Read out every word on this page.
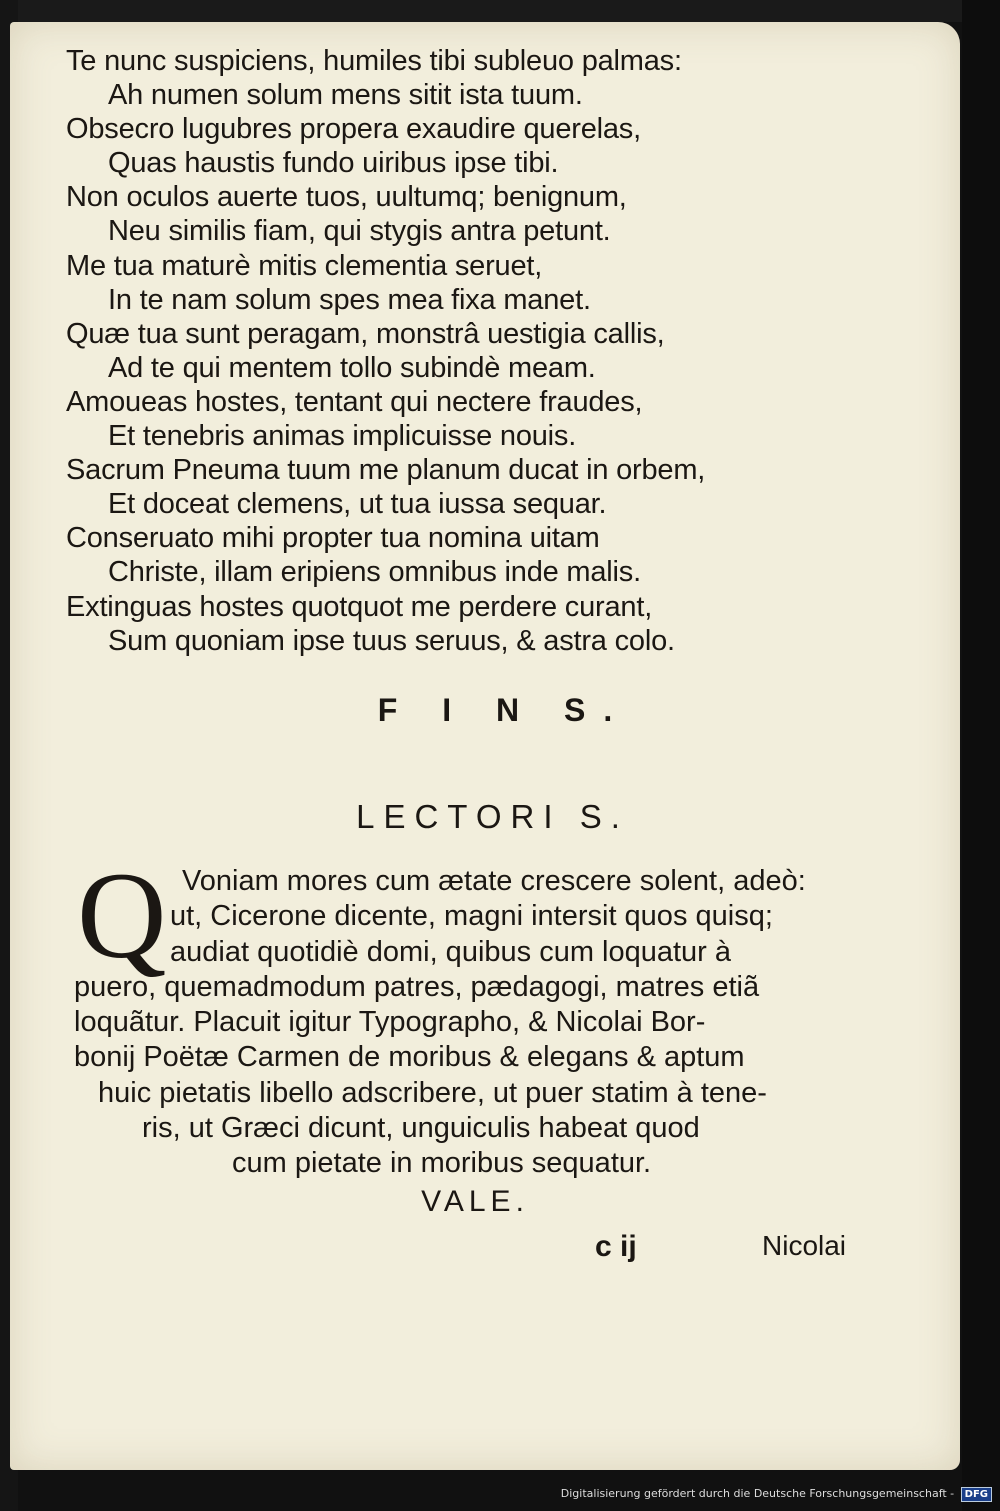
Te nunc suspiciens, humiles tibi subleuo palmas:

Ah numen solum mens sitit ista tuum.

Obsecro lugubres propera exaudire querelas,

Quas haustis fundo uiribus ipse tibi.

Non oculos auerte tuos, uultumq; benignum,

Neu similis fiam, qui stygis antra petunt.

Me tua maturè mitis clementia seruet,

In te nam solum spes mea fixa manet.

Quæ tua sunt peragam, monstrâ uestigia callis,

Ad te qui mentem tollo subindè meam.

Amoueas hostes, tentant qui nectere fraudes,

Et tenebris animas implicuisse nouis.

Sacrum Pneuma tuum me planum ducat in orbem,

Et doceat clemens, ut tua iussa sequar.

Conseruato mihi propter tua nomina uitam

Christe, illam eripiens omnibus inde malis.

Extinguas hostes quotquot me perdere curant,

Sum quoniam ipse tuus seruus, & astra colo.

F I N S.

LECTORI S.

Q Voniam mores cum ætate crescere solent, adeò:

ut, Cicerone dicente, magni intersit quos quisq;

audiat quotidiè domi, quibus cum loquatur à

puero, quemadmodum patres, pædagogi, matres etiã

loquãtur. Placuit igitur Typographo, & Nicolai Bor-

bonij Poëtæ Carmen de moribus & elegans & aptum

huic pietatis libello adscribere, ut puer statim à tene-

ris, ut Græci dicunt, unguiculis habeat quod

cum pietate in moribus sequatur.

VALE.

c ij	Nicolai
Digitalisierung gefördert durch die Deutsche Forschungsgemeinschaft - DFG
